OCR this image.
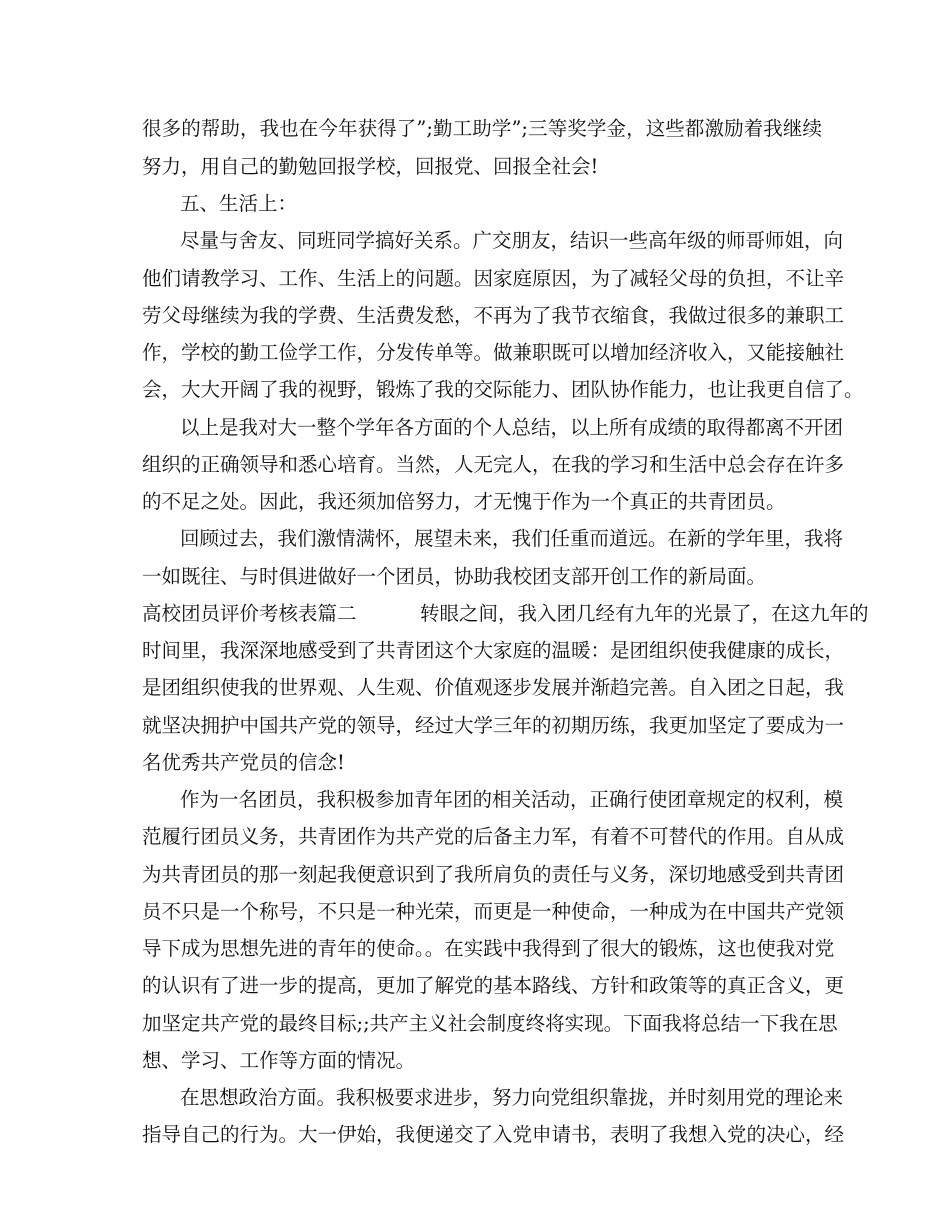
很多的帮助，我也在今年获得了”;勤工助学”;三等奖学金，这些都激励着我继续
努力，用自己的勤勉回报学校，回报党、回报全社会!
五、生活上：
尽量与舍友、同班同学搞好关系。广交朋友，结识一些高年级的师哥师姐，向
他们请教学习、工作、生活上的问题。因家庭原因，为了减轻父母的负担，不让辛
劳父母继续为我的学费、生活费发愁，不再为了我节衣缩食，我做过很多的兼职工
作，学校的勤工俭学工作，分发传单等。做兼职既可以增加经济收入，又能接触社
会，大大开阔了我的视野，锻炼了我的交际能力、团队协作能力，也让我更自信了。
以上是我对大一整个学年各方面的个人总结，以上所有成绩的取得都离不开团
组织的正确领导和悉心培育。当然，人无完人，在我的学习和生活中总会存在许多
的不足之处。因此，我还须加倍努力，才无愧于作为一个真正的共青团员。
回顾过去，我们激情满怀，展望未来，我们任重而道远。在新的学年里，我将
一如既往、与时俱进做好一个团员，协助我校团支部开创工作的新局面。
高校团员评价考核表篇二	转眼之间，我入团几经有九年的光景了，在这九年的
时间里，我深深地感受到了共青团这个大家庭的温暖：是团组织使我健康的成长，
是团组织使我的世界观、人生观、价值观逐步发展并渐趋完善。自入团之日起，我
就坚决拥护中国共产党的领导，经过大学三年的初期历练，我更加坚定了要成为一
名优秀共产党员的信念!
作为一名团员，我积极参加青年团的相关活动，正确行使团章规定的权利，模
范履行团员义务，共青团作为共产党的后备主力军，有着不可替代的作用。自从成
为共青团员的那一刻起我便意识到了我所肩负的责任与义务，深切地感受到共青团
员不只是一个称号，不只是一种光荣，而更是一种使命，一种成为在中国共产党领
导下成为思想先进的青年的使命。。在实践中我得到了很大的锻炼，这也使我对党
的认识有了进一步的提高，更加了解党的基本路线、方针和政策等的真正含义，更
加坚定共产党的最终目标;;共产主义社会制度终将实现。下面我将总结一下我在思
想、学习、工作等方面的情况。
在思想政治方面。我积极要求进步，努力向党组织靠拢，并时刻用党的理论来
指导自己的行为。大一伊始，我便递交了入党申请书，表明了我想入党的决心，经
